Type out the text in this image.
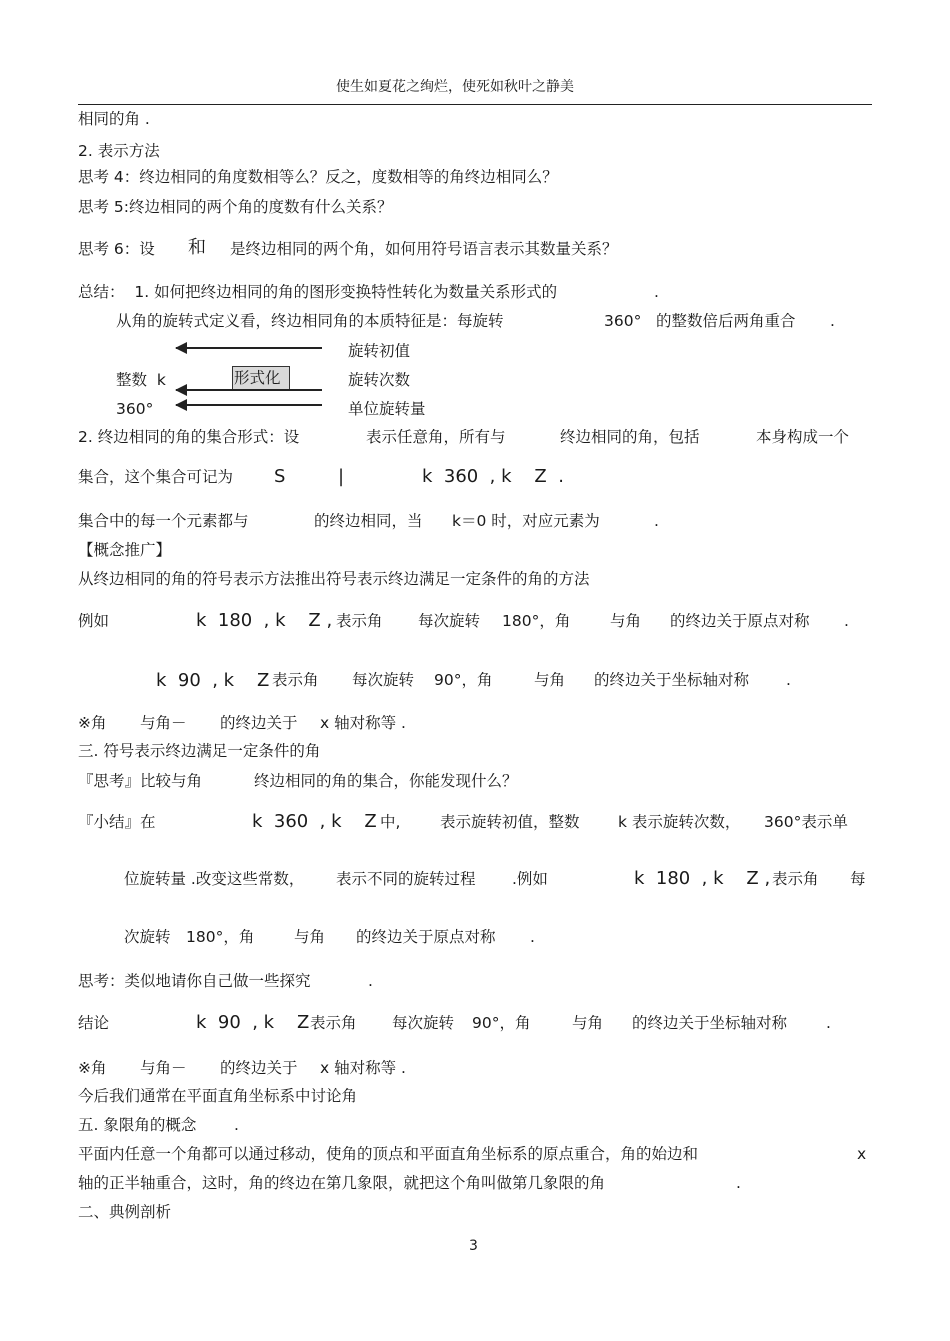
使生如夏花之绚烂，使死如秋叶之静美
相同的角 .
2. 表示方法
思考 4：终边相同的角度数相等么？反之，度数相等的角终边相同么？
思考 5:终边相同的两个角的度数有什么关系？
思考 6：设 和 是终边相同的两个角，如何用符号语言表示其数量关系？
总结：  1. 如何把终边相同的角的图形变换特性转化为数量关系形式的	.
从角的旋转式定义看，终边相同角的本质特征是：每旋转	360° 的整数倍后两角重合 .
旋转初值
整数  k	形式化	旋转次数
360°	单位旋转量
2. 终边相同的角的集合形式：设	表示任意角，所有与	终边相同的角，包括	本身构成一个
集合，这个集合可记为 S	|	k  360  , k    Z  .
集合中的每一个元素都与	的终边相同，当 k＝0 时，对应元素为	.
【概念推广】
从终边相同的角的符号表示方法推出符号表示终边满足一定条件的角的方法
例如	k  180  , k    Z , 表示角 每次旋转 180°，角	与角 的终边关于原点对称 .
k  90  , k    Z 表示角 每次旋转 90°，角	与角 的终边关于坐标轴对称 .
※角 与角－ 的终边关于 x 轴对称等 .
三. 符号表示终边满足一定条件的角
『思考』比较与角	终边相同的角的集合，你能发现什么？
『小结』在	k  360  , k    Z 中,	表示旋转初值，整数 k 表示旋转次数， 360°表示单
位旋转量 .改变这些常数， 表示不同的旋转过程 .例如	k  180  , k    Z , 表示角 每
次旋转 180°，角	与角 的终边关于原点对称 .
思考：类似地请你自己做一些探究	.
结论	k  90  , k    Z 表示角 每次旋转 90°，角	与角 的终边关于坐标轴对称	.
※角 与角－ 的终边关于 x 轴对称等 .
今后我们通常在平面直角坐标系中讨论角
五. 象限角的概念 .
平面内任意一个角都可以通过移动，使角的顶点和平面直角坐标系的原点重合，角的始边和	x
轴的正半轴重合，这时，角的终边在第几象限，就把这个角叫做第几象限的角	.
二、典例剖析
3
